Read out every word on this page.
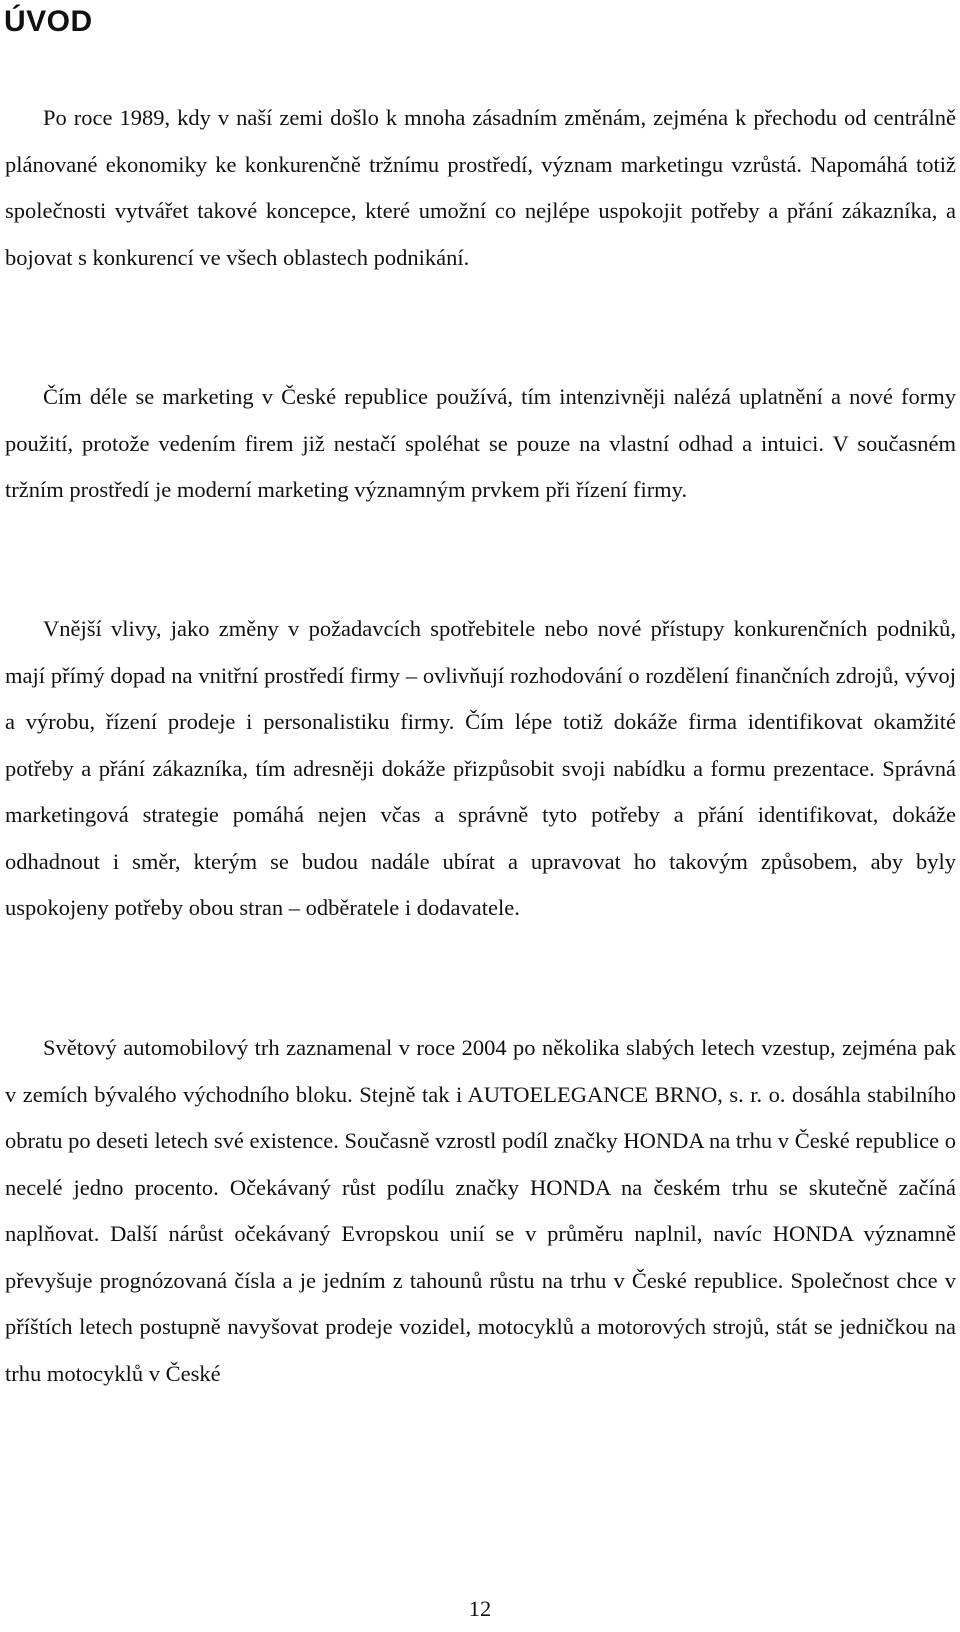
ÚVOD

Po roce 1989, kdy v naší zemi došlo k mnoha zásadním změnám, zejména k přechodu od centrálně plánované ekonomiky ke konkurenčně tržnímu prostředí, význam marketingu vzrůstá. Napomáhá totiž společnosti vytvářet takové koncepce, které umožní co nejlépe uspokojit potřeby a přání zákazníka, a bojovat s konkurencí ve všech oblastech podnikání.

Čím déle se marketing v České republice používá, tím intenzivněji nalézá uplatnění a nové formy použití, protože vedením firem již nestačí spoléhat se pouze na vlastní odhad a intuici. V současném tržním prostředí je moderní marketing významným prvkem při řízení firmy.

Vnější vlivy, jako změny v požadavcích spotřebitele nebo nové přístupy konkurenčních podniků, mají přímý dopad na vnitřní prostředí firmy – ovlivňují rozhodování o rozdělení finančních zdrojů, vývoj a výrobu, řízení prodeje i personalistiku firmy. Čím lépe totiž dokáže firma identifikovat okamžité potřeby a přání zákazníka, tím adresněji dokáže přizpůsobit svoji nabídku a formu prezentace. Správná marketingová strategie pomáhá nejen včas a správně tyto potřeby a přání identifikovat, dokáže odhadnout i směr, kterým se budou nadále ubírat a upravovat ho takovým způsobem, aby byly uspokojeny potřeby obou stran – odběratele i dodavatele.

Světový automobilový trh zaznamenal v roce 2004 po několika slabých letech vzestup, zejména pak v zemích bývalého východního bloku. Stejně tak i AUTOELEGANCE BRNO, s. r. o. dosáhla stabilního obratu po deseti letech své existence. Současně vzrostl podíl značky HONDA na trhu v České republice o necelé jedno procento. Očekávaný růst podílu značky HONDA na českém trhu se skutečně začíná naplňovat. Další nárůst očekávaný Evropskou unií se v průměru naplnil, navíc HONDA významně převyšuje prognózovaná čísla a je jedním z tahounů růstu na trhu v České republice. Společnost chce v příštích letech postupně navyšovat prodeje vozidel, motocyklů a motorových strojů, stát se jedničkou na trhu motocyklů v České

12
